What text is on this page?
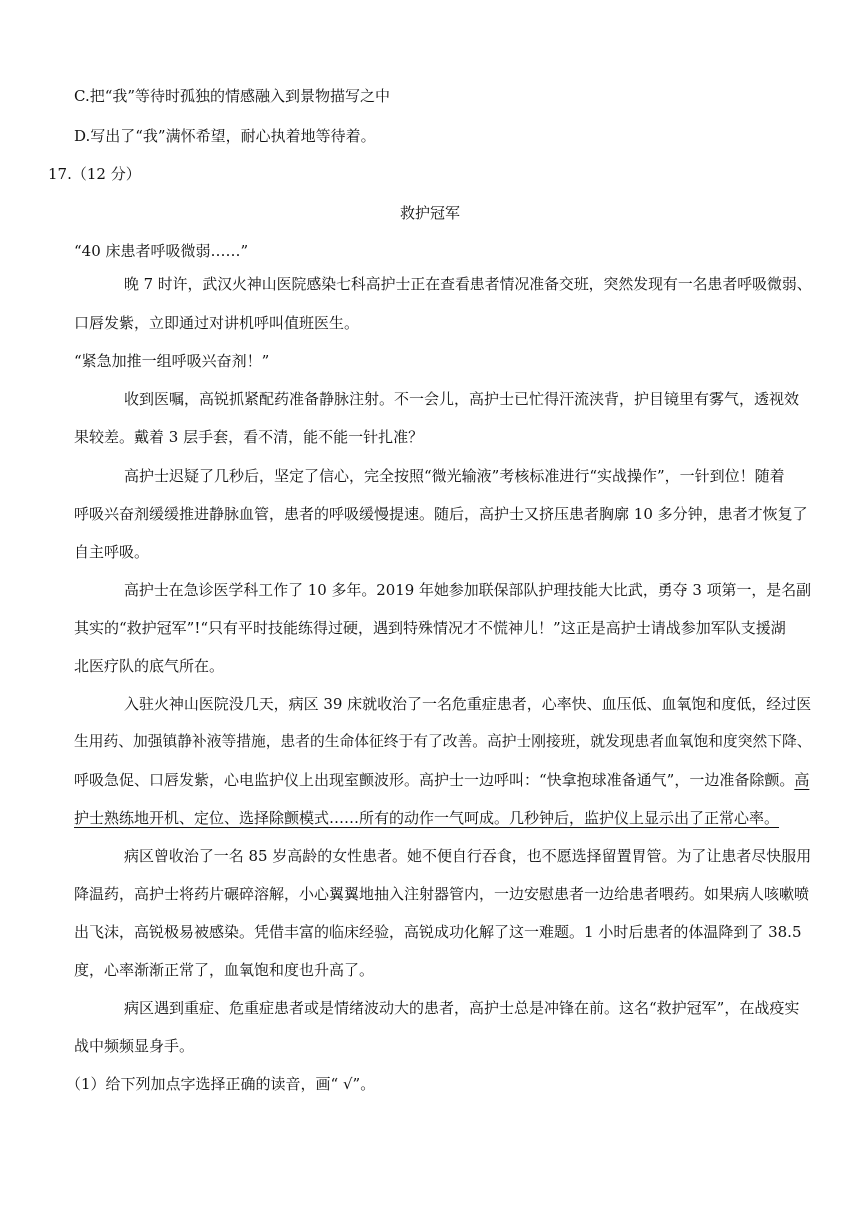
C.把“我”等待时孤独的情感融入到景物描写之中
D.写出了“我”满怀希望，耐心执着地等待着。
17.（12 分）
救护冠军
“40 床患者呼吸微弱……”
晚 7 时许，武汉火神山医院感染七科高护士正在查看患者情况准备交班，突然发现有一名患者呼吸微弱、
口唇发紫，立即通过对讲机呼叫值班医生。
“紧急加推一组呼吸兴奋剂！”
收到医嘱，高锐抓紧配药准备静脉注射。不一会儿，高护士已忙得汗流浃背，护目镜里有雾气，透视效
果较差。戴着 3 层手套，看不清，能不能一针扎准？
高护士迟疑了几秒后，坚定了信心，完全按照“微光输液”考核标准进行“实战操作”，一针到位！随着
呼吸兴奋剂缓缓推进静脉血管，患者的呼吸缓慢提速。随后，高护士又挤压患者胸廓 10 多分钟，患者才恢复了
自主呼吸。
高护士在急诊医学科工作了 10 多年。2019 年她参加联保部队护理技能大比武，勇夺 3 项第一，是名副
其实的“救护冠军”!“只有平时技能练得过硬，遇到特殊情况才不慌神儿！”这正是高护士请战参加军队支援湖
北医疗队的底气所在。
入驻火神山医院没几天，病区 39 床就收治了一名危重症患者，心率快、血压低、血氧饱和度低，经过医
生用药、加强镇静补液等措施，患者的生命体征终于有了改善。高护士刚接班，就发现患者血氧饱和度突然下降、
呼吸急促、口唇发紫，心电监护仪上出现室颤波形。高护士一边呼叫：“快拿抱球准备通气”，一边准备除颤。高
护士熟练地开机、定位、选择除颤模式……所有的动作一气呵成。几秒钟后，监护仪上显示出了正常心率。
病区曾收治了一名 85 岁高龄的女性患者。她不便自行吞食，也不愿选择留置胃管。为了让患者尽快服用
降温药，高护士将药片碾碎溶解，小心翼翼地抽入注射器管内，一边安慰患者一边给患者喂药。如果病人咳嗽喷
出飞沫，高锐极易被感染。凭借丰富的临床经验，高锐成功化解了这一难题。1 小时后患者的体温降到了 38.5
度，心率渐渐正常了，血氧饱和度也升高了。
病区遇到重症、危重症患者或是情绪波动大的患者，高护士总是冲锋在前。这名“救护冠军”，在战疫实
战中频频显身手。
（1）给下列加点字选择正确的读音，画“ √”。
